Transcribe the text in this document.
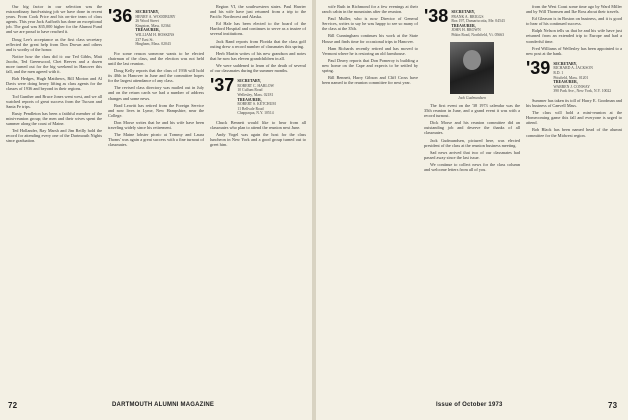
Our big factor in our selection was the extraordinary fund-raising job we have done in recent years. From Cook Price and his on-tire team of class agents. This year Jack Aufforth has done an exceptional job. The goal was $35,000 higher for the Alumni Fund and we are proud to have reached it.

Doug Lee's acceptance as the first class secretary reflected the great help from Don Drown and others and is worthy of the honor.

Notice how the class did it: our Ted Gibbs, Matt Jacobs, Ted Greenwood, Chet Reeves and a dozen more turned out for the big weekend in Hanover this fall, and the men agreed with it.

Bob Hedges, Hugh Matthews, Bill Morton and Al Davis were doing heavy lifting as class agents for the classes of 1936 and beyond in their regions.

Tod Gunther and Bruce Jones went west, and we all watched reports of great success from the Tucson and Santa Fe trips.

Rusty Pendleton has been a faithful member of the mini-reunion group; the men and their wives spent the summer along the coast of Maine.

Ted Hollander, Ray Marsh and Jim Reilly hold the record for attending every one of the Dartmouth Nights since graduation.

'36 SECRETARY,
HENRY A. WOODBURY
26 Wood Street
Kingston, Mass. 02364
TREASURER,
WILLIAM H. HOSKINS
237 East St.
Hingham, Mass. 02043

For some reason someone wants to be elected chairman of the class, and the election was not held until the last reunion.

Doug Kelly reports that the class of 1936 will hold its 40th in Hanover in June and the committee hopes for the largest attendance of any class.

The revised class directory was mailed out in July and on the return cards we had a number of address changes and some news.

Brad Leavitt has retired from the Foreign Service and now lives in Lyme, New Hampshire, near the College.

Don Morse writes that he and his wife have been traveling widely since his retirement.

The Maine lobster picnic at Tommy and Laura Thoms' was again a great success with a fine turnout of classmates.

Region VI, the southwestern states. Paul Harrier and his wife have just returned from a trip to the Pacific Northwest and Alaska.

Ed Hale has been elected to the board of the Hartford Hospital and continues to serve as a trustee of several institutions.

Jack Rand reports from Florida that the class golf outing drew a record number of classmates this spring.

Herb Martin writes of his new grandson and notes that he now has eleven grandchildren in all.

We were saddened to learn of the death of several of our classmates during the summer months.

'37 SECRETARY,
ROBERT C. HARLOW
10 Cullum Road
Wellesley, Mass. 02181
TREASURER,
ROBERT S. KETCHUM
11 Bellvale Road
Chappaqua, N.Y. 10514

Chuck Bennett would like to hear from all classmates who plan to attend the reunion next June.

Andy Vogel was again the host for the class luncheon in New York and a good group turned out to greet him.

72	DARTMOUTH ALUMNI MAGAZINE

wife Ruth in Richmond for a few evenings at their ranch cabin in the mountains after the reunion.

Paul Muller, who is now Director of General Services, writes to say he was happy to see so many of the class at the 35th.

Bill Cunningham continues his work at the State House and finds time for occasional trips to Hanover.

Ham Richards recently retired and has moved to Vermont where he is restoring an old farmhouse.

Paul Deavy reports that Don Pomeroy is building a new home on the Cape and expects to be settled by spring.

Bill Bennett, Harry Gibson and Cliff Cross have been named to the reunion committee for next year.

'38 SECRETARY,
FRANK A. BRIGGS
Box 197, Damariscotta, Me. 04543
TREASURER,
JOHN H. BROWN
Pitkin Road, Northfield, Vt. 05663
Jack Gudmundsen

The first event on the '38 1973 calendar was the 35th reunion in June, and a grand event it was with a record turnout.

Dick Morse and his reunion committee did an outstanding job and deserve the thanks of all classmates.

Jack Gudmundsen, pictured here, was elected president of the class at the reunion business meeting.

Sad news arrived that two of our classmates had passed away since the last issue.

We continue to collect news for the class column and welcome letters from all of you.

from the West Coast some time ago by Ward Miller and by Will Thomsen and Ike Ross about their travels.

Ed Gleason is in Boston on business, and it is good to hear of his continued success.

Ralph Nelson tells us that he and his wife have just returned from an extended trip to Europe and had a wonderful time.

Fred Williams of Wellesley has been appointed to a new post at the bank.

'39 SECRETARY,
RICHARD A. JACKSON
R.D. 1
Pittsfield, Mass. 01201
TREASURER,
WARREN J. CONWAY
390 Park Ave., New York, N.Y. 10022

Summer has taken its toll of Harry E. Goodman and his business of Canvell Mass.

The class will hold a mini-reunion at the Homecoming game this fall and everyone is urged to attend.

Bob Black has been named head of the alumni committee for the Midwest region.

Issue of October 1973	73
